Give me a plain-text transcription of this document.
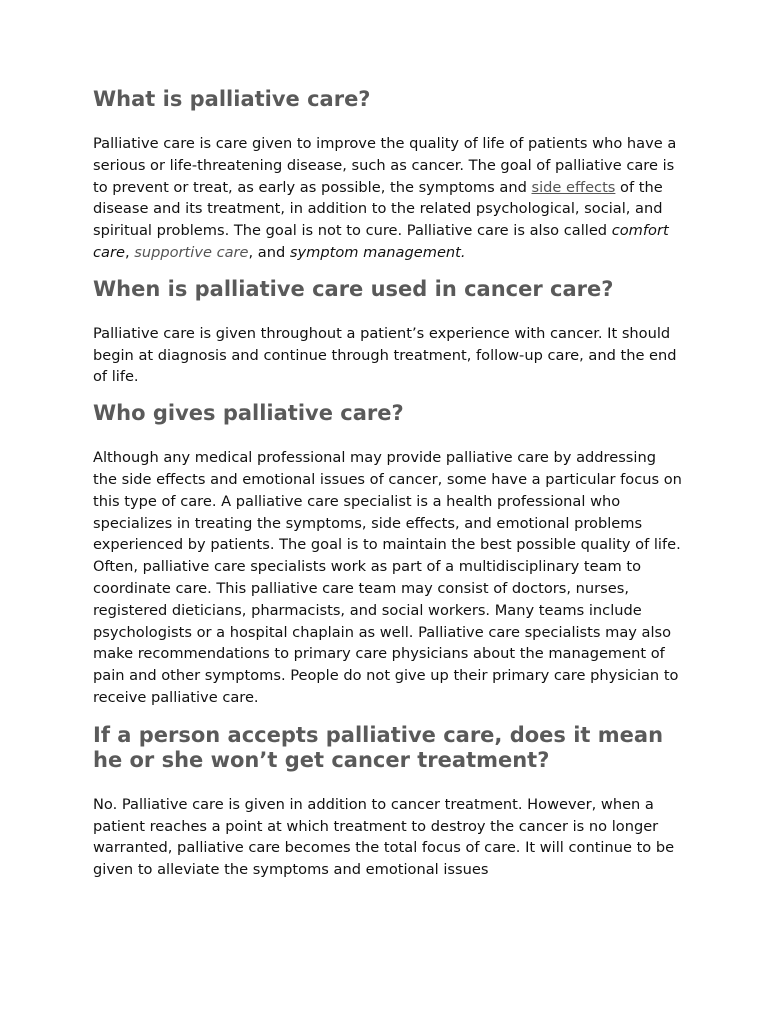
What is palliative care?

Palliative care is care given to improve the quality of life of patients who have a serious or life-threatening disease, such as cancer. The goal of palliative care is to prevent or treat, as early as possible, the symptoms and side effects of the disease and its treatment, in addition to the related psychological, social, and spiritual problems. The goal is not to cure. Palliative care is also called comfort care, supportive care, and symptom management.

When is palliative care used in cancer care?

Palliative care is given throughout a patient’s experience with cancer. It should begin at diagnosis and continue through treatment, follow-up care, and the end of life.

Who gives palliative care?

Although any medical professional may provide palliative care by addressing the side effects and emotional issues of cancer, some have a particular focus on this type of care. A palliative care specialist is a health professional who specializes in treating the symptoms, side effects, and emotional problems experienced by patients. The goal is to maintain the best possible quality of life.

Often, palliative care specialists work as part of a multidisciplinary team to coordinate care. This palliative care team may consist of doctors, nurses, registered dieticians, pharmacists, and social workers. Many teams include psychologists or a hospital chaplain as well. Palliative care specialists may also make recommendations to primary care physicians about the management of pain and other symptoms. People do not give up their primary care physician to receive palliative care.

If a person accepts palliative care, does it mean he or she won’t get cancer treatment?

No. Palliative care is given in addition to cancer treatment. However, when a patient reaches a point at which treatment to destroy the cancer is no longer warranted, palliative care becomes the total focus of care. It will continue to be given to alleviate the symptoms and emotional issues
